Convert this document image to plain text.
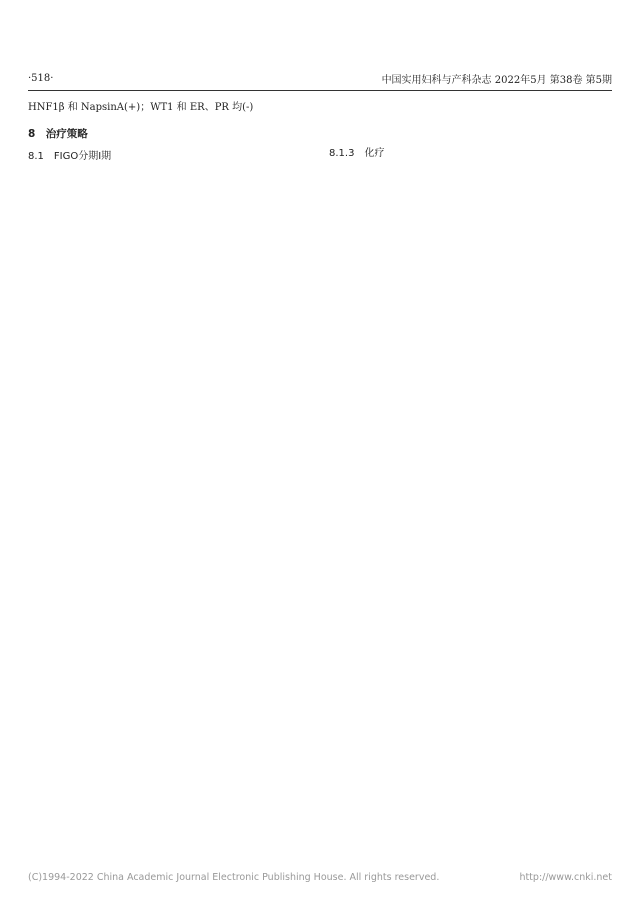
·518·	中国实用妇科与产科杂志 2022年5月 第38卷 第5期
HNF1β 和 NapsinA(+)；WT1 和 ER、PR 均(-)
8　治疗策略
8.1　FIGO分期Ⅰ期	8.1.3　化疗
(C)1994-2022 China Academic Journal Electronic Publishing House. All rights reserved.	http://www.cnki.net
